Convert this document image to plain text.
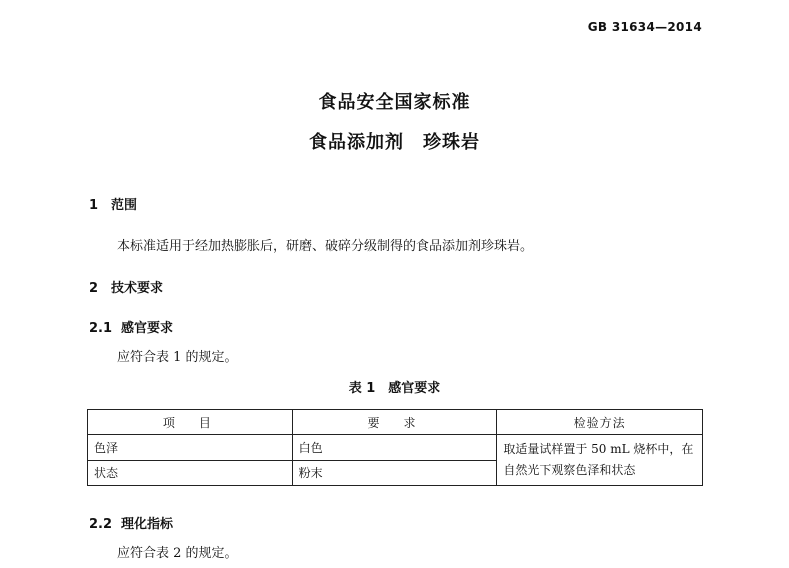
GB 31634—2014
食品安全国家标准
食品添加剂　珍珠岩
1 范围
本标准适用于经加热膨胀后，研磨、破碎分级制得的食品添加剂珍珠岩。
2 技术要求
2.1 感官要求
应符合表 1 的规定。
表 1　感官要求
项　目	要　求	检验方法
色泽	白色	取适量试样置于 50 mL 烧杯中，在自然光下观察色泽和状态
状态	粉末	
2.2 理化指标
应符合表 2 的规定。
